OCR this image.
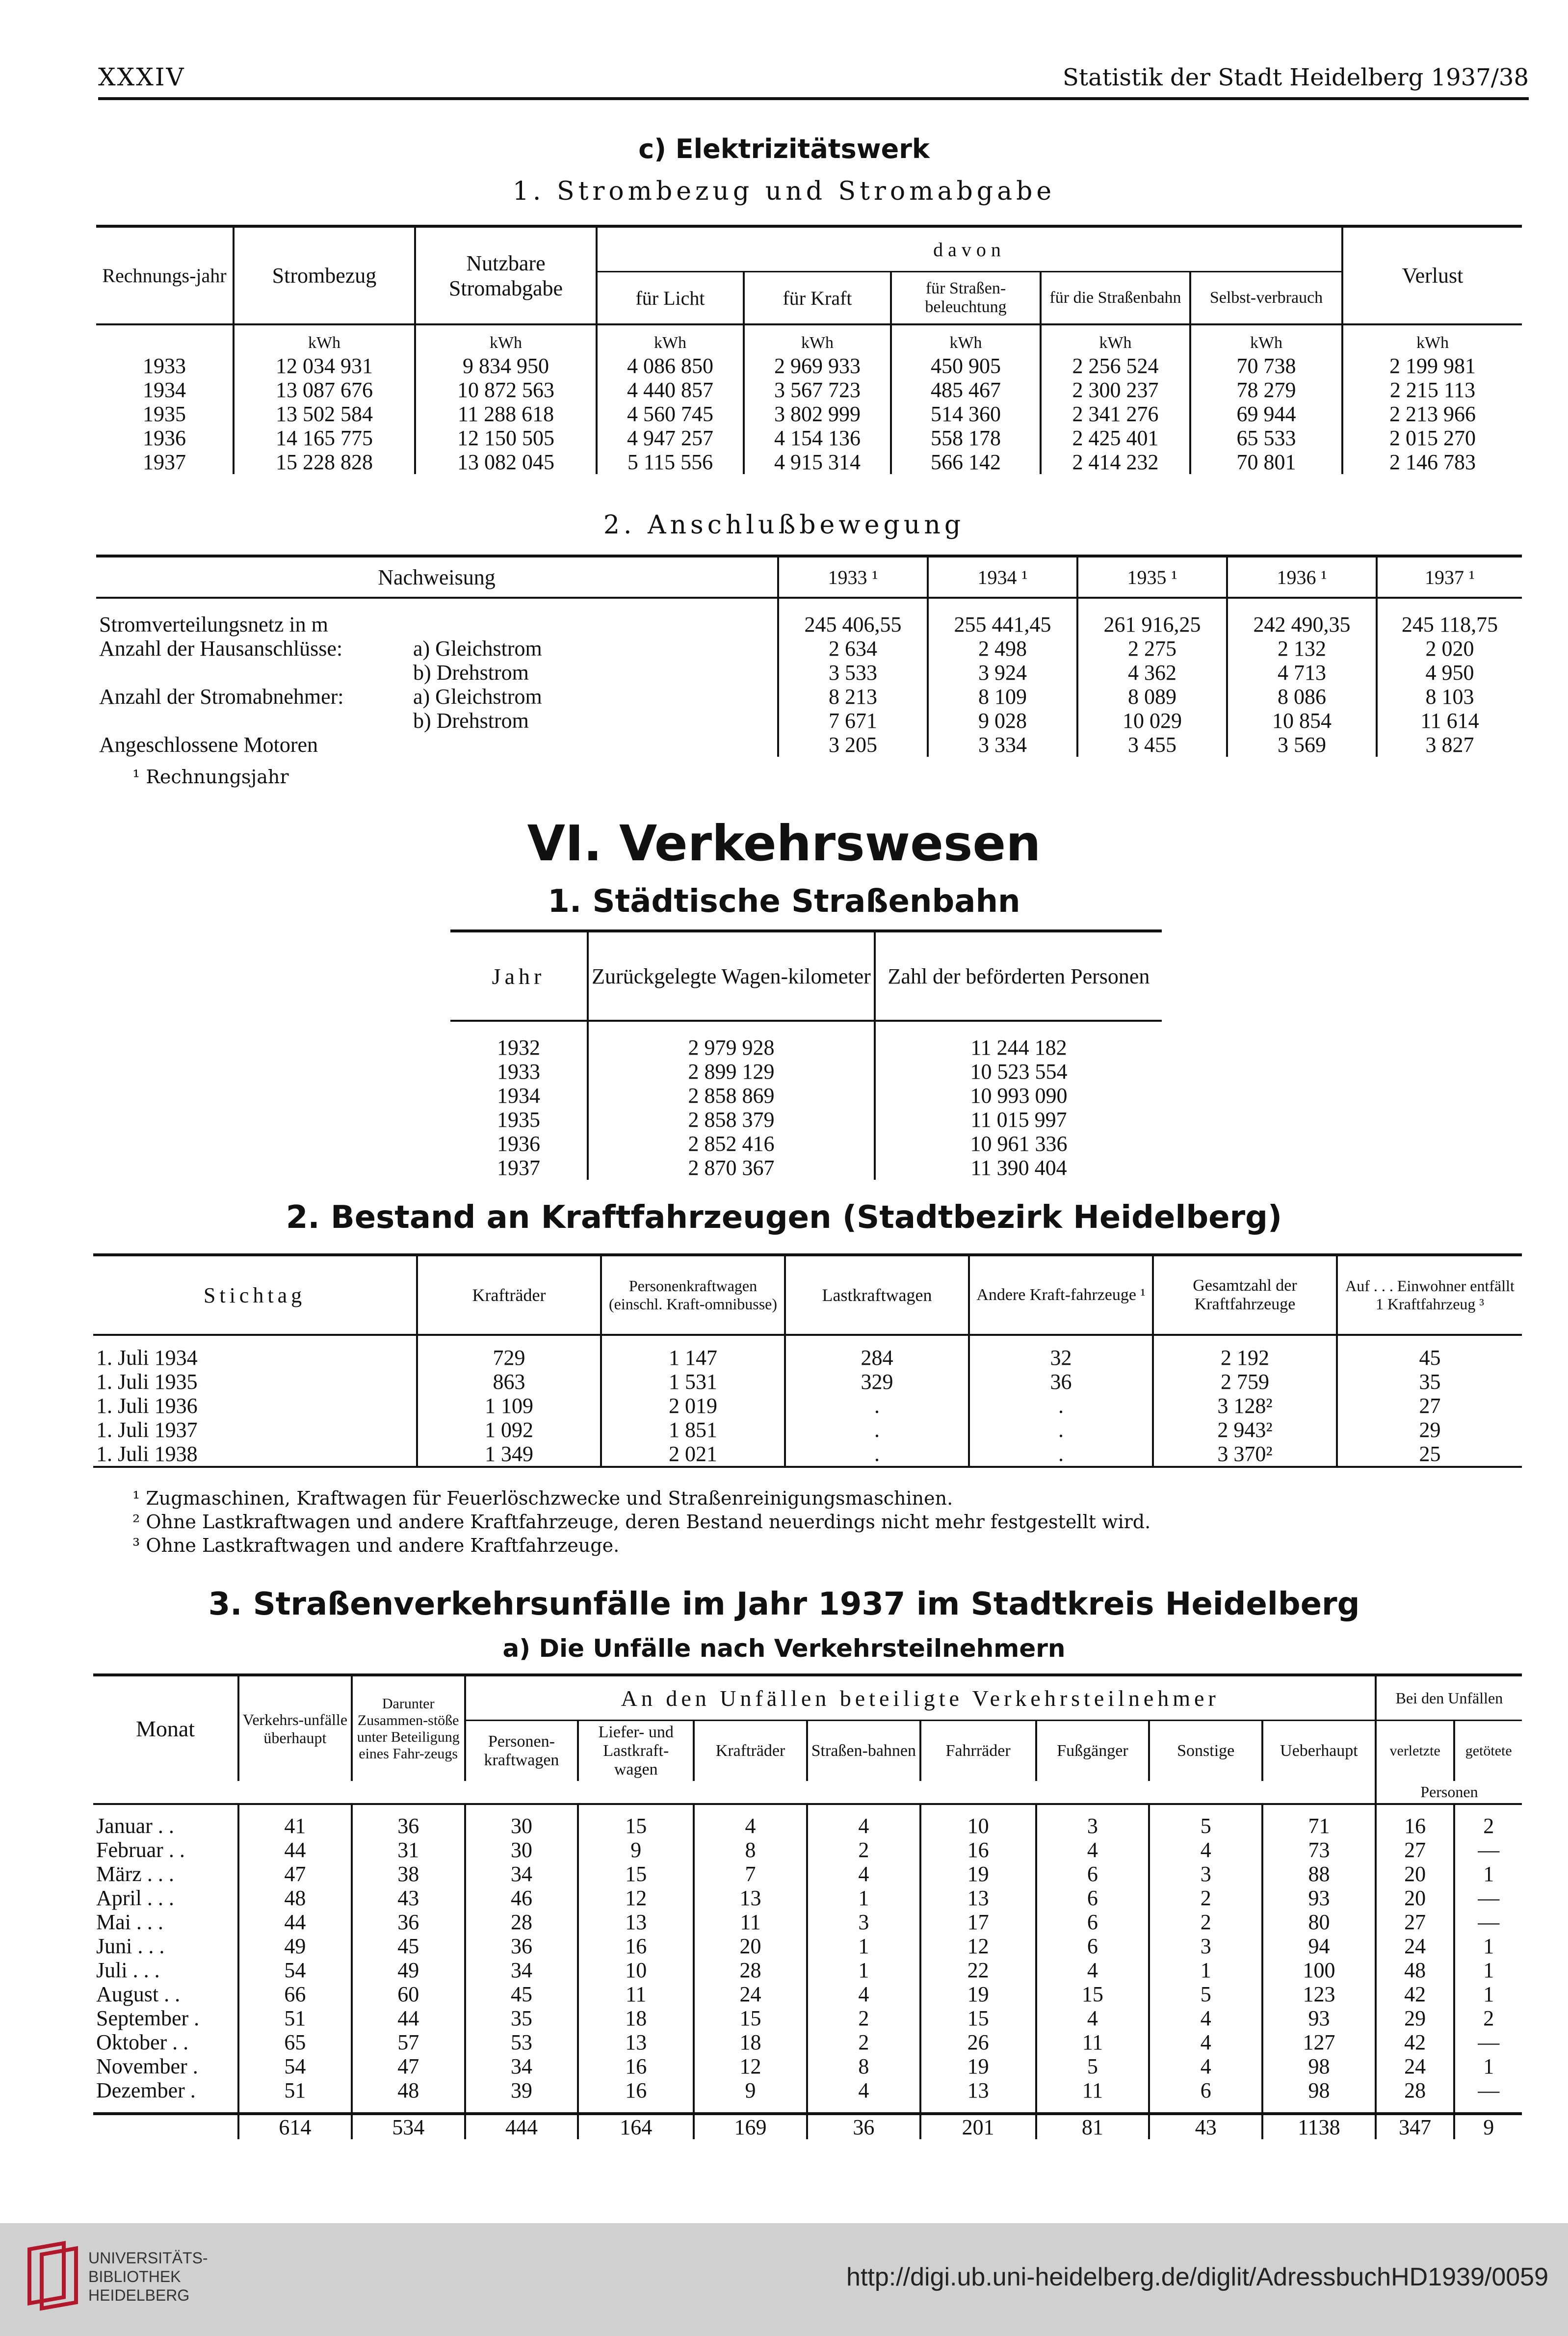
XXXIV	Statistik der Stadt Heidelberg 1937/38
c) Elektrizitätswerk
1. Strombezug und Stromabgabe
Rechnungs-jahr	Strombezug	Nutzbare Stromabgabe	davon					Verlust
			für Licht	für Kraft	für Straßen-beleuchtung	für die Straßenbahn	Selbst-verbrauch	
	kWh	kWh	kWh	kWh	kWh	kWh	kWh	kWh
1933	12 034 931	9 834 950	4 086 850	2 969 933	450 905	2 256 524	70 738	2 199 981
1934	13 087 676	10 872 563	4 440 857	3 567 723	485 467	2 300 237	78 279	2 215 113
1935	13 502 584	11 288 618	4 560 745	3 802 999	514 360	2 341 276	69 944	2 213 966
1936	14 165 775	12 150 505	4 947 257	4 154 136	558 178	2 425 401	65 533	2 015 270
1937	15 228 828	13 082 045	5 115 556	4 915 314	566 142	2 414 232	70 801	2 146 783
2. Anschlußbewegung
Nachweisung		1933 ¹	1934 ¹	1935 ¹	1936 ¹	1937 ¹

Stromverteilungsnetz in m		245 406,55	255 441,45	261 916,25	242 490,35	245 118,75
Anzahl der Hausanschlüsse:	a) Gleichstrom	2 634	2 498	2 275	2 132	2 020
	b) Drehstrom	3 533	3 924	4 362	4 713	4 950
Anzahl der Stromabnehmer:	a) Gleichstrom	8 213	8 109	8 089	8 086	8 103
	b) Drehstrom	7 671	9 028	10 029	10 854	11 614
Angeschlossene Motoren		3 205	3 334	3 455	3 569	3 827
¹ Rechnungsjahr
VI. Verkehrswesen
1. Städtische Straßenbahn
Jahr	Zurückgelegte Wagen-kilometer	Zahl der beförderten Personen

1932	2 979 928	11 244 182
1933	2 899 129	10 523 554
1934	2 858 869	10 993 090
1935	2 858 379	11 015 997
1936	2 852 416	10 961 336
1937	2 870 367	11 390 404
2. Bestand an Kraftfahrzeugen (Stadtbezirk Heidelberg)
Stichtag	Krafträder	Personenkraftwagen (einschl. Kraft-omnibusse)	Lastkraftwagen	Andere Kraft-fahrzeuge ¹	Gesamtzahl der Kraftfahrzeuge	Auf . . . Einwohner entfällt 1 Kraftfahrzeug ³

1. Juli 1934	729	1 147	284	32	2 192	45
1. Juli 1935	863	1 531	329	36	2 759	35
1. Juli 1936	1 109	2 019	.	.	3 128²	27
1. Juli 1937	1 092	1 851	.	.	2 943²	29
1. Juli 1938	1 349	2 021	.	.	3 370²	25
¹ Zugmaschinen, Kraftwagen für Feuerlöschzwecke und Straßenreinigungsmaschinen.
² Ohne Lastkraftwagen und andere Kraftfahrzeuge, deren Bestand neuerdings nicht mehr festgestellt wird.
³ Ohne Lastkraftwagen und andere Kraftfahrzeuge.
3. Straßenverkehrsunfälle im Jahr 1937 im Stadtkreis Heidelberg
a) Die Unfälle nach Verkehrsteilnehmern
Monat	Verkehrs-unfälle überhaupt	Darunter Zusammen-stöße unter Beteiligung eines Fahr-zeugs	An den Unfällen beteiligte Verkehrsteilnehmer								Bei den Unfällen	
			Personen-kraftwagen	Liefer- und Lastkraft-wagen	Krafträder	Straßen-bahnen	Fahrräder	Fußgänger	Sonstige	Ueberhaupt	verletzte	getötete
											Personen	

Januar . .	41	36	30	15	4	4	10	3	5	71	16	2
Februar . .	44	31	30	9	8	2	16	4	4	73	27	—
März . . .	47	38	34	15	7	4	19	6	3	88	20	1
April . . .	48	43	46	12	13	1	13	6	2	93	20	—
Mai . . .	44	36	28	13	11	3	17	6	2	80	27	—
Juni . . .	49	45	36	16	20	1	12	6	3	94	24	1
Juli . . .	54	49	34	10	28	1	22	4	1	100	48	1
August . .	66	60	45	11	24	4	19	15	5	123	42	1
September .	51	44	35	18	15	2	15	4	4	93	29	2
Oktober . .	65	57	53	13	18	2	26	11	4	127	42	—
November .	54	47	34	16	12	8	19	5	4	98	24	1
Dezember .	51	48	39	16	9	4	13	11	6	98	28	—

	614	534	444	164	169	36	201	81	43	1138	347	9
UNIVERSITÄTS-
BIBLIOTHEK
HEIDELBERG
http://digi.ub.uni-heidelberg.de/diglit/AdressbuchHD1939/0059
